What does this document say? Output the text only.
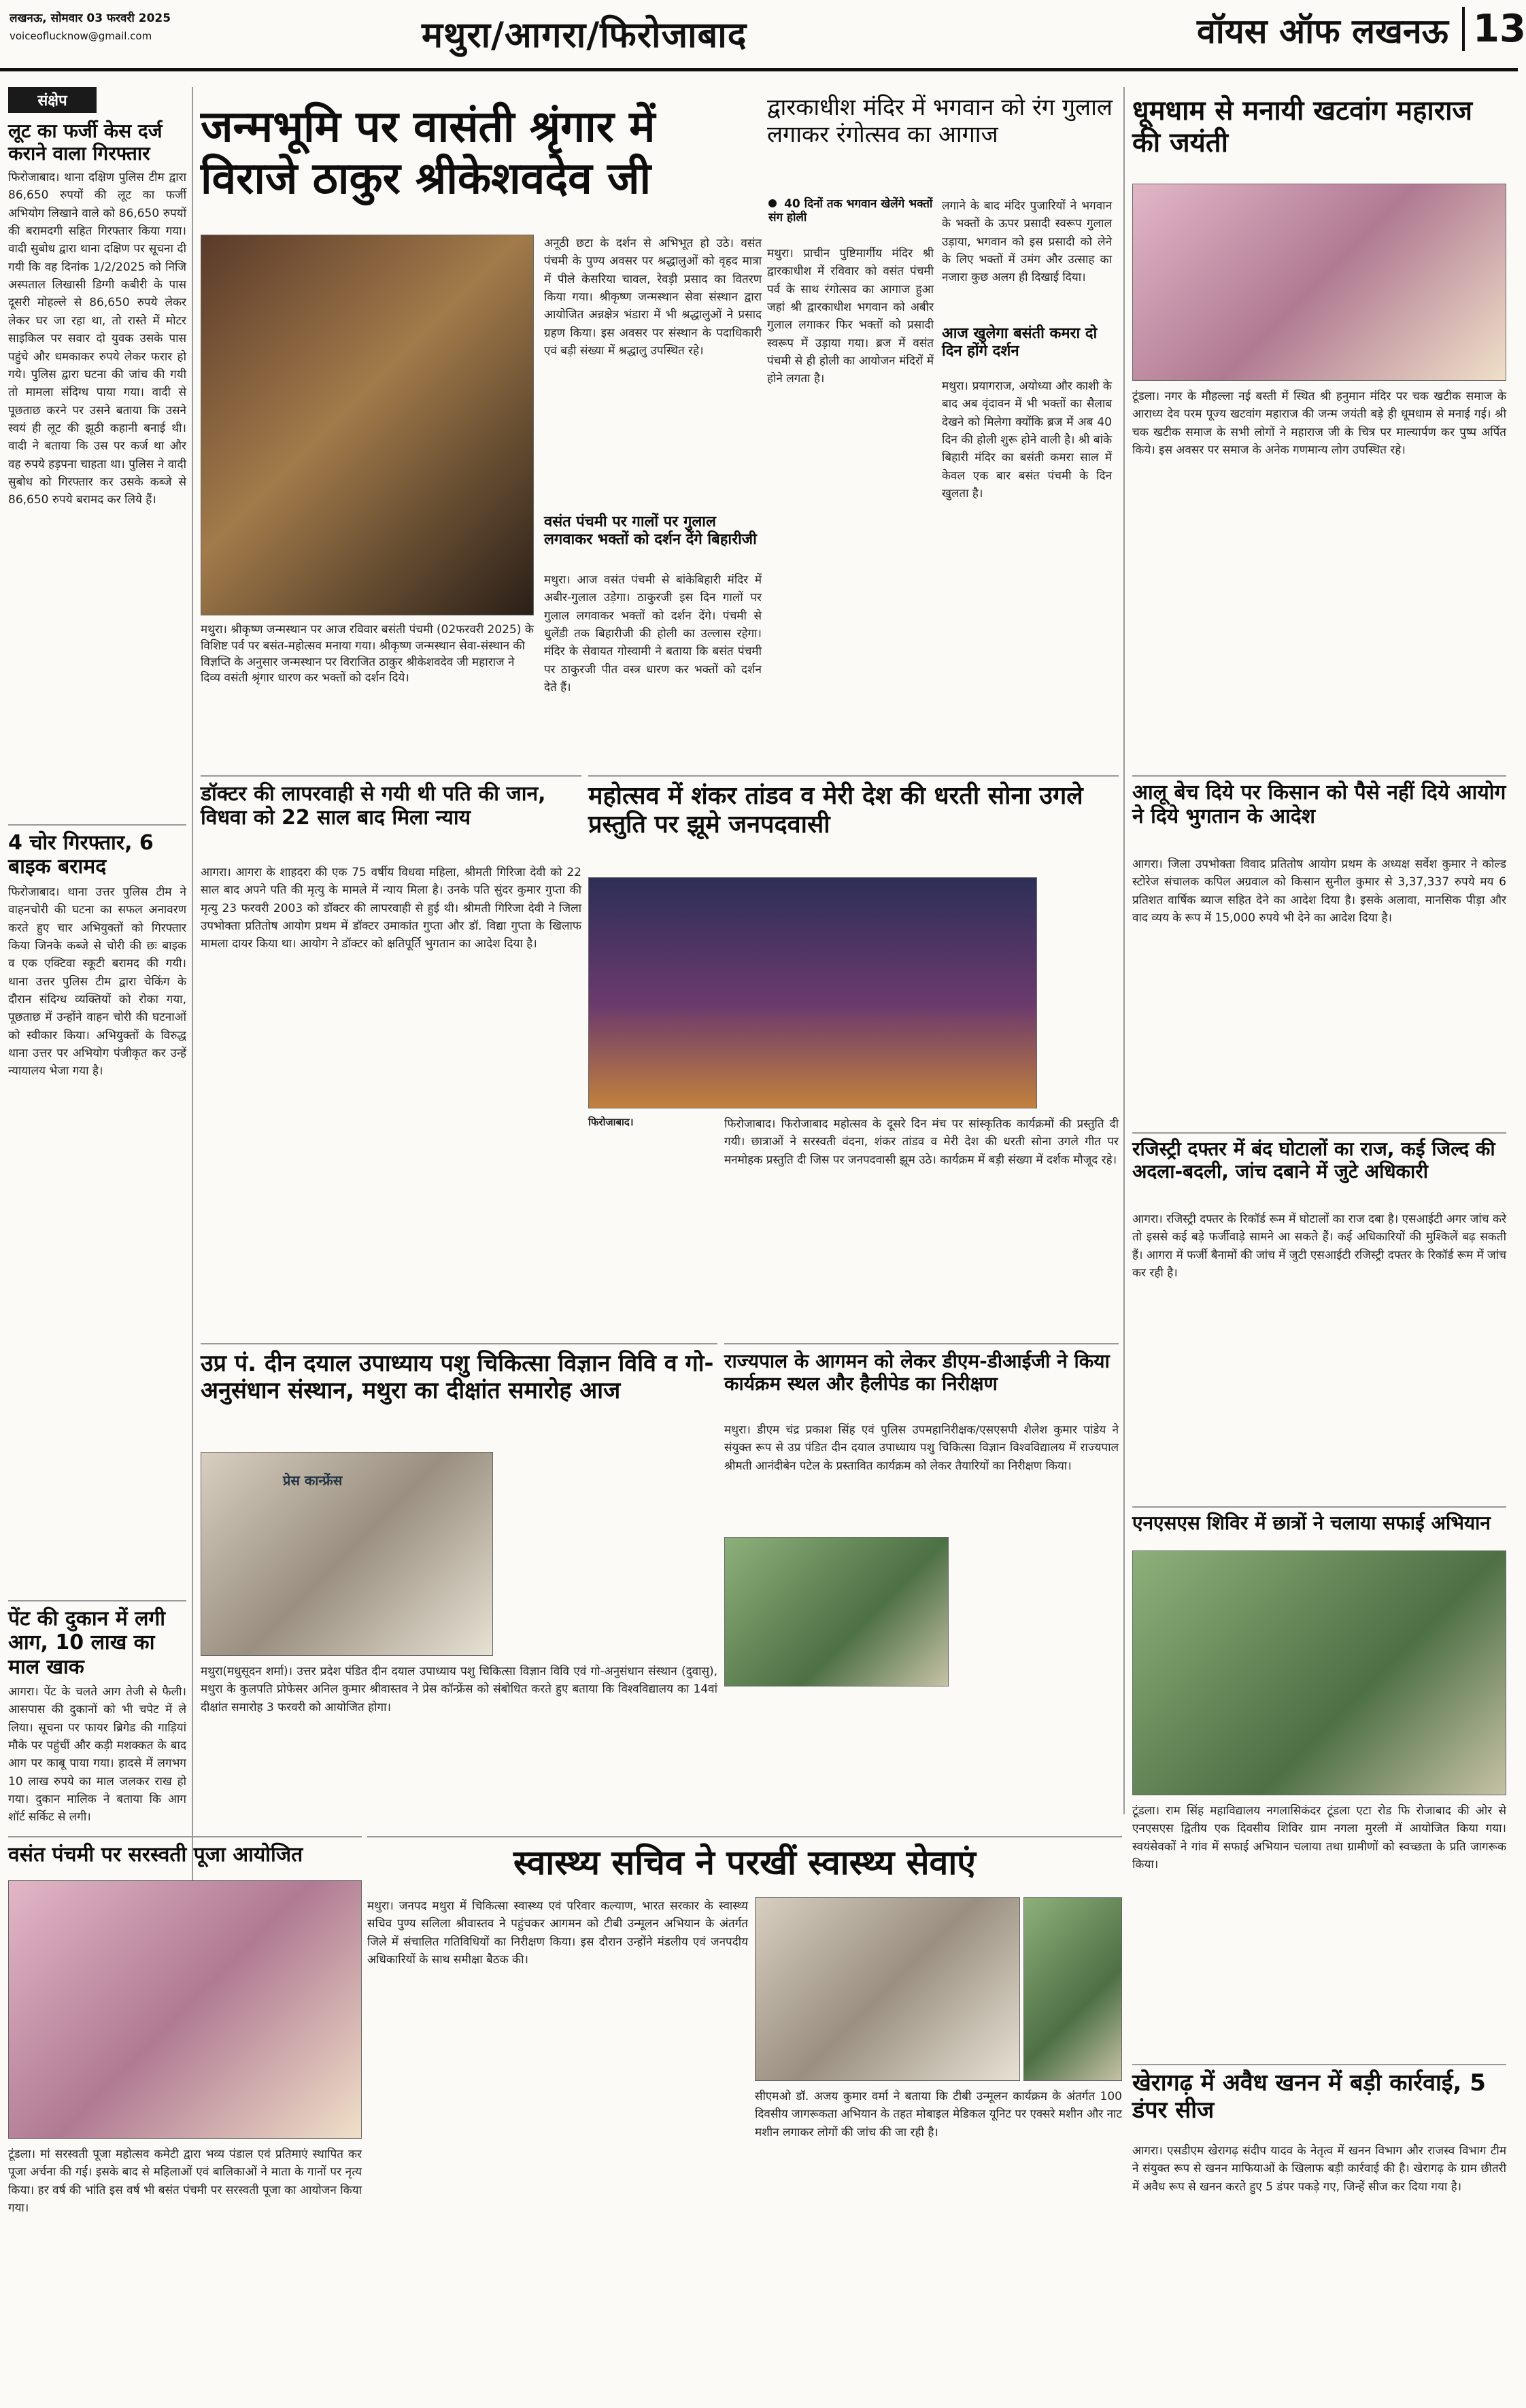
लखनऊ, सोमवार 03 फरवरी 2025
voiceoflucknow@gmail.com	मथुरा/आगरा/फिरोजाबाद	वॉयस ऑफ लखनऊ 13
संक्षेप
लूट का फर्जी केस दर्ज कराने वाला गिरफ्तार
फिरोजाबाद। थाना दक्षिण पुलिस टीम द्वारा 86,650 रुपयों की लूट का फर्जी अभियोग लिखाने वाले को 86,650 रुपयों की बरामदगी सहित गिरफ्तार किया गया। वादी सुबोध द्वारा थाना दक्षिण पर सूचना दी गयी कि वह दिनांक 1/2/2025 को निजि अस्पताल लिखासी डिग्गी कबीरी के पास दूसरी मोहल्ले से 86,650 रुपये लेकर लेकर घर जा रहा था, तो रास्ते में मोटर साइकिल पर सवार दो युवक उसके पास पहुंचे और धमकाकर रुपये लेकर फरार हो गये। पुलिस द्वारा घटना की जांच की गयी तो मामला संदिग्ध पाया गया। वादी से पूछताछ करने पर उसने बताया कि उसने स्वयं ही लूट की झूठी कहानी बनाई थी। वादी ने बताया कि उस पर कर्ज था और वह रुपये हड़पना चाहता था। पुलिस ने वादी सुबोध को गिरफ्तार कर उसके कब्जे से 86,650 रुपये बरामद कर लिये हैं।
4 चोर गिरफ्तार, 6 बाइक बरामद
फिरोजाबाद। थाना उत्तर पुलिस टीम ने वाहनचोरी की घटना का सफल अनावरण करते हुए चार अभियुक्तों को गिरफ्तार किया जिनके कब्जे से चोरी की छः बाइक व एक एक्टिवा स्कूटी बरामद की गयी। थाना उत्तर पुलिस टीम द्वारा चेकिंग के दौरान संदिग्ध व्यक्तियों को रोका गया, पूछताछ में उन्होंने वाहन चोरी की घटनाओं को स्वीकार किया। अभियुक्तों के विरुद्ध थाना उत्तर पर अभियोग पंजीकृत कर उन्हें न्यायालय भेजा गया है।
पेंट की दुकान में लगी आग, 10 लाख का माल खाक
आगरा। पेंट के चलते आग तेजी से फैली। आसपास की दुकानों को भी चपेट में ले लिया। सूचना पर फायर ब्रिगेड की गाड़ियां मौके पर पहुंचीं और कड़ी मशक्कत के बाद आग पर काबू पाया गया। हादसे में लगभग 10 लाख रुपये का माल जलकर राख हो गया। दुकान मालिक ने बताया कि आग शॉर्ट सर्किट से लगी।
जन्मभूमि पर वासंती श्रृंगार में विराजे ठाकुर श्रीकेशवदेव जी
मथुरा। श्रीकृष्ण जन्मस्थान पर आज रविवार बसंती पंचमी (02फरवरी 2025) के विशिष्ट पर्व पर बसंत-महोत्सव मनाया गया। श्रीकृष्ण जन्मस्थान सेवा-संस्थान की विज्ञप्ति के अनुसार जन्मस्थान पर विराजित ठाकुर श्रीकेशवदेव जी महाराज ने दिव्य वसंती श्रृंगार धारण कर भक्तों को दर्शन दिये।
अनूठी छटा के दर्शन से अभिभूत हो उठे। वसंत पंचमी के पुण्य अवसर पर श्रद्धालुओं को वृहद मात्रा में पीले केसरिया चावल, रेवड़ी प्रसाद का वितरण किया गया। श्रीकृष्ण जन्मस्थान सेवा संस्थान द्वारा आयोजित अन्नक्षेत्र भंडारा में भी श्रद्धालुओं ने प्रसाद ग्रहण किया। इस अवसर पर संस्थान के पदाधिकारी एवं बड़ी संख्या में श्रद्धालु उपस्थित रहे।
वसंत पंचमी पर गालों पर गुलाल लगवाकर भक्तों को दर्शन देंगे बिहारीजी
मथुरा। आज वसंत पंचमी से बांकेबिहारी मंदिर में अबीर-गुलाल उड़ेगा। ठाकुरजी इस दिन गालों पर गुलाल लगवाकर भक्तों को दर्शन देंगे। पंचमी से धुलेंडी तक बिहारीजी की होली का उल्लास रहेगा। मंदिर के सेवायत गोस्वामी ने बताया कि बसंत पंचमी पर ठाकुरजी पीत वस्त्र धारण कर भक्तों को दर्शन देते हैं।
द्वारकाधीश मंदिर में भगवान को रंग गुलाल लगाकर रंगोत्सव का आगाज
40 दिनों तक भगवान खेलेंगे भक्तों संग होली
मथुरा। प्राचीन पुष्टिमार्गीय मंदिर श्री द्वारकाधीश में रविवार को वसंत पंचमी पर्व के साथ रंगोत्सव का आगाज हुआ जहां श्री द्वारकाधीश भगवान को अबीर गुलाल लगाकर फिर भक्तों को प्रसादी स्वरूप में उड़ाया गया। ब्रज में वसंत पंचमी से ही होली का आयोजन मंदिरों में होने लगता है।
लगाने के बाद मंदिर पुजारियों ने भगवान के भक्तों के ऊपर प्रसादी स्वरूप गुलाल उड़ाया, भगवान को इस प्रसादी को लेने के लिए भक्तों में उमंग और उत्साह का नजारा कुछ अलग ही दिखाई दिया।
आज खुलेगा बसंती कमरा दो दिन होंगे दर्शन
मथुरा। प्रयागराज, अयोध्या और काशी के बाद अब वृंदावन में भी भक्तों का सैलाब देखने को मिलेगा क्योंकि ब्रज में अब 40 दिन की होली शुरू होने वाली है। श्री बांके बिहारी मंदिर का बसंती कमरा साल में केवल एक बार बसंत पंचमी के दिन खुलता है।
धूमधाम से मनायी खटवांग महाराज की जयंती
टूंडला। नगर के मौहल्ला नई बस्ती में स्थित श्री हनुमान मंदिर पर चक खटीक समाज के आराध्य देव परम पूज्य खटवांग महाराज की जन्म जयंती बड़े ही धूमधाम से मनाई गई। श्री चक खटीक समाज के सभी लोगों ने महाराज जी के चित्र पर माल्यार्पण कर पुष्प अर्पित किये। इस अवसर पर समाज के अनेक गणमान्य लोग उपस्थित रहे।
आलू बेच दिये पर किसान को पैसे नहीं दिये आयोग ने दिये भुगतान के आदेश
आगरा। जिला उपभोक्ता विवाद प्रतितोष आयोग प्रथम के अध्यक्ष सर्वेश कुमार ने कोल्ड स्टोरेज संचालक कपिल अग्रवाल को किसान सुनील कुमार से 3,37,337 रुपये मय 6 प्रतिशत वार्षिक ब्याज सहित देने का आदेश दिया है। इसके अलावा, मानसिक पीड़ा और वाद व्यय के रूप में 15,000 रुपये भी देने का आदेश दिया है।
रजिस्ट्री दफ्तर में बंद घोटालों का राज, कई जिल्द की अदला-बदली, जांच दबाने में जुटे अधिकारी
आगरा। रजिस्ट्री दफ्तर के रिकॉर्ड रूम में घोटालों का राज दबा है। एसआईटी अगर जांच करे तो इससे कई बड़े फर्जीवाड़े सामने आ सकते हैं। कई अधिकारियों की मुश्किलें बढ़ सकती हैं। आगरा में फर्जी बैनामों की जांच में जुटी एसआईटी रजिस्ट्री दफ्तर के रिकॉर्ड रूम में जांच कर रही है।
एनएसएस शिविर में छात्रों ने चलाया सफाई अभियान
टूंडला। राम सिंह महाविद्यालय नगलासिकंदर टूंडला एटा रोड फि रोजाबाद की ओर से एनएसएस द्वितीय एक दिवसीय शिविर ग्राम नगला मुरली में आयोजित किया गया। स्वयंसेवकों ने गांव में सफाई अभियान चलाया तथा ग्रामीणों को स्वच्छता के प्रति जागरूक किया।
खेरागढ़ में अवैध खनन में बड़ी कार्रवाई, 5 डंपर सीज
आगरा। एसडीएम खेरागढ़ संदीप यादव के नेतृत्व में खनन विभाग और राजस्व विभाग टीम ने संयुक्त रूप से खनन माफियाओं के खिलाफ बड़ी कार्रवाई की है। खेरागढ़ के ग्राम छीतरी में अवैध रूप से खनन करते हुए 5 डंपर पकड़े गए, जिन्हें सीज कर दिया गया है।
डॉक्टर की लापरवाही से गयी थी पति की जान, विधवा को 22 साल बाद मिला न्याय
आगरा। आगरा के शाहदरा की एक 75 वर्षीय विधवा महिला, श्रीमती गिरिजा देवी को 22 साल बाद अपने पति की मृत्यु के मामले में न्याय मिला है। उनके पति सुंदर कुमार गुप्ता की मृत्यु 23 फरवरी 2003 को डॉक्टर की लापरवाही से हुई थी। श्रीमती गिरिजा देवी ने जिला उपभोक्ता प्रतितोष आयोग प्रथम में डॉक्टर उमाकांत गुप्ता और डॉ. विद्या गुप्ता के खिलाफ मामला दायर किया था। आयोग ने डॉक्टर को क्षतिपूर्ति भुगतान का आदेश दिया है।
महोत्सव में शंकर तांडव व मेरी देश की धरती सोना उगले प्रस्तुति पर झूमे जनपदवासी
फिरोजाबाद।	फिरोजाबाद। फिरोजाबाद महोत्सव के दूसरे दिन मंच पर सांस्कृतिक कार्यक्रमों की प्रस्तुति दी गयी। छात्राओं ने सरस्वती वंदना, शंकर तांडव व मेरी देश की धरती सोना उगले गीत पर मनमोहक प्रस्तुति दी जिस पर जनपदवासी झूम उठे। कार्यक्रम में बड़ी संख्या में दर्शक मौजूद रहे।
उप्र पं. दीन दयाल उपाध्याय पशु चिकित्सा विज्ञान विवि व गो-अनुसंधान संस्थान, मथुरा का दीक्षांत समारोह आज
प्रेस कान्फ्रेंस
मथुरा(मधुसूदन शर्मा)। उत्तर प्रदेश पंडित दीन दयाल उपाध्याय पशु चिकित्सा विज्ञान विवि एवं गो-अनुसंधान संस्थान (दुवासु), मथुरा के कुलपति प्रोफेसर अनिल कुमार श्रीवास्तव ने प्रेस कॉन्फ्रेंस को संबोधित करते हुए बताया कि विश्वविद्यालय का 14वां दीक्षांत समारोह 3 फरवरी को आयोजित होगा।
राज्यपाल के आगमन को लेकर डीएम-डीआईजी ने किया कार्यक्रम स्थल और हैलीपेड का निरीक्षण
मथुरा। डीएम चंद्र प्रकाश सिंह एवं पुलिस उपमहानिरीक्षक/एसएसपी शैलेश कुमार पांडेय ने संयुक्त रूप से उप्र पंडित दीन दयाल उपाध्याय पशु चिकित्सा विज्ञान विश्वविद्यालय में राज्यपाल श्रीमती आनंदीबेन पटेल के प्रस्तावित कार्यक्रम को लेकर तैयारियों का निरीक्षण किया।
वसंत पंचमी पर सरस्वती पूजा आयोजित
टूंडला। मां सरस्वती पूजा महोत्सव कमेटी द्वारा भव्य पंडाल एवं प्रतिमाएं स्थापित कर पूजा अर्चना की गई। इसके बाद से महिलाओं एवं बालिकाओं ने माता के गानों पर नृत्य किया। हर वर्ष की भांति इस वर्ष भी बसंत पंचमी पर सरस्वती पूजा का आयोजन किया गया।
स्वास्थ्य सचिव ने परखीं स्वास्थ्य सेवाएं
मथुरा। जनपद मथुरा में चिकित्सा स्वास्थ्य एवं परिवार कल्याण, भारत सरकार के स्वास्थ्य सचिव पुण्य सलिला श्रीवास्तव ने पहुंचकर आगमन को टीबी उन्मूलन अभियान के अंतर्गत जिले में संचालित गतिविधियों का निरीक्षण किया। इस दौरान उन्होंने मंडलीय एवं जनपदीय अधिकारियों के साथ समीक्षा बैठक की।
सीएमओ डॉ. अजय कुमार वर्मा ने बताया कि टीबी उन्मूलन कार्यक्रम के अंतर्गत 100 दिवसीय जागरूकता अभियान के तहत मोबाइल मेडिकल यूनिट पर एक्सरे मशीन और नाट मशीन लगाकर लोगों की जांच की जा रही है।
